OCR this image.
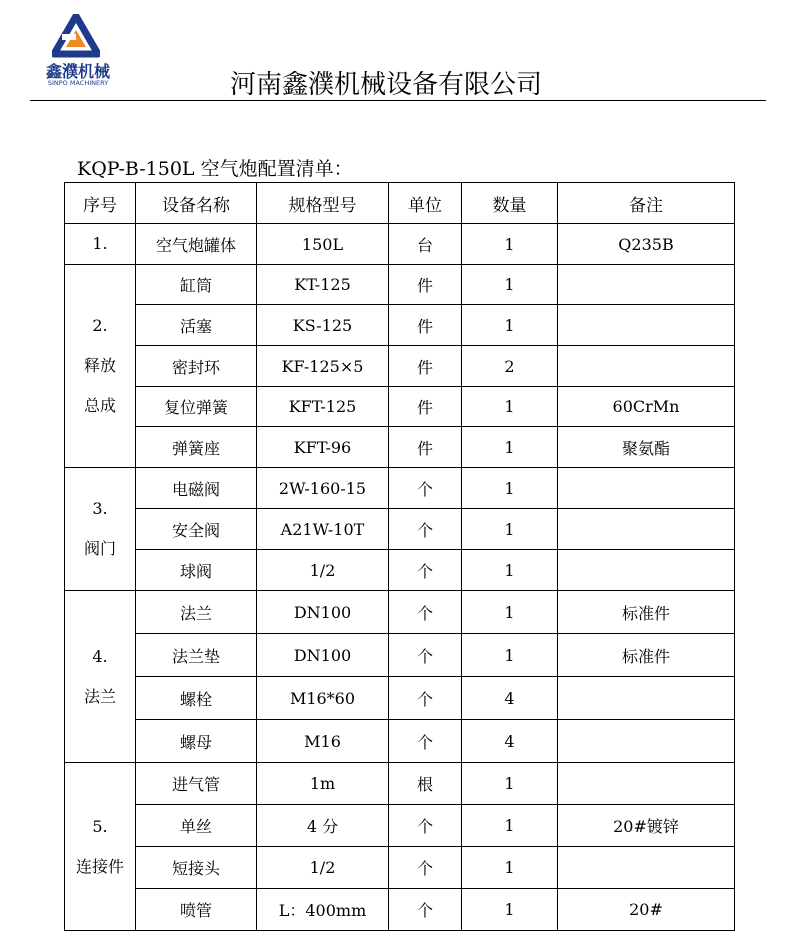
鑫濮机械
SINPO MACHINERY	河南鑫濮机械设备有限公司
KQP-B-150L 空气炮配置清单：
序号	设备名称	规格型号	单位	数量	备注

1.	空气炮罐体	150L	台	1	Q235B

2.
释放
总成	缸筒	KT-125	件	1	
	活塞	KS-125	件	1	
	密封环	KF-125×5	件	2	
	复位弹簧	KFT-125	件	1	60CrMn
	弹簧座	KFT-96	件	1	聚氨酯

3.
阀门	电磁阀	2W-160-15	个	1	
	安全阀	A21W-10T	个	1	
	球阀	1/2	个	1	

4.
法兰	法兰	DN100	个	1	标准件
	法兰垫	DN100	个	1	标准件
	螺栓	M16*60	个	4	
	螺母	M16	个	4	

5.
连接件	进气管	1m	根	1	
	单丝	4 分	个	1	20#镀锌
	短接头	1/2	个	1	
	喷管	L：400mm	个	1	20#
